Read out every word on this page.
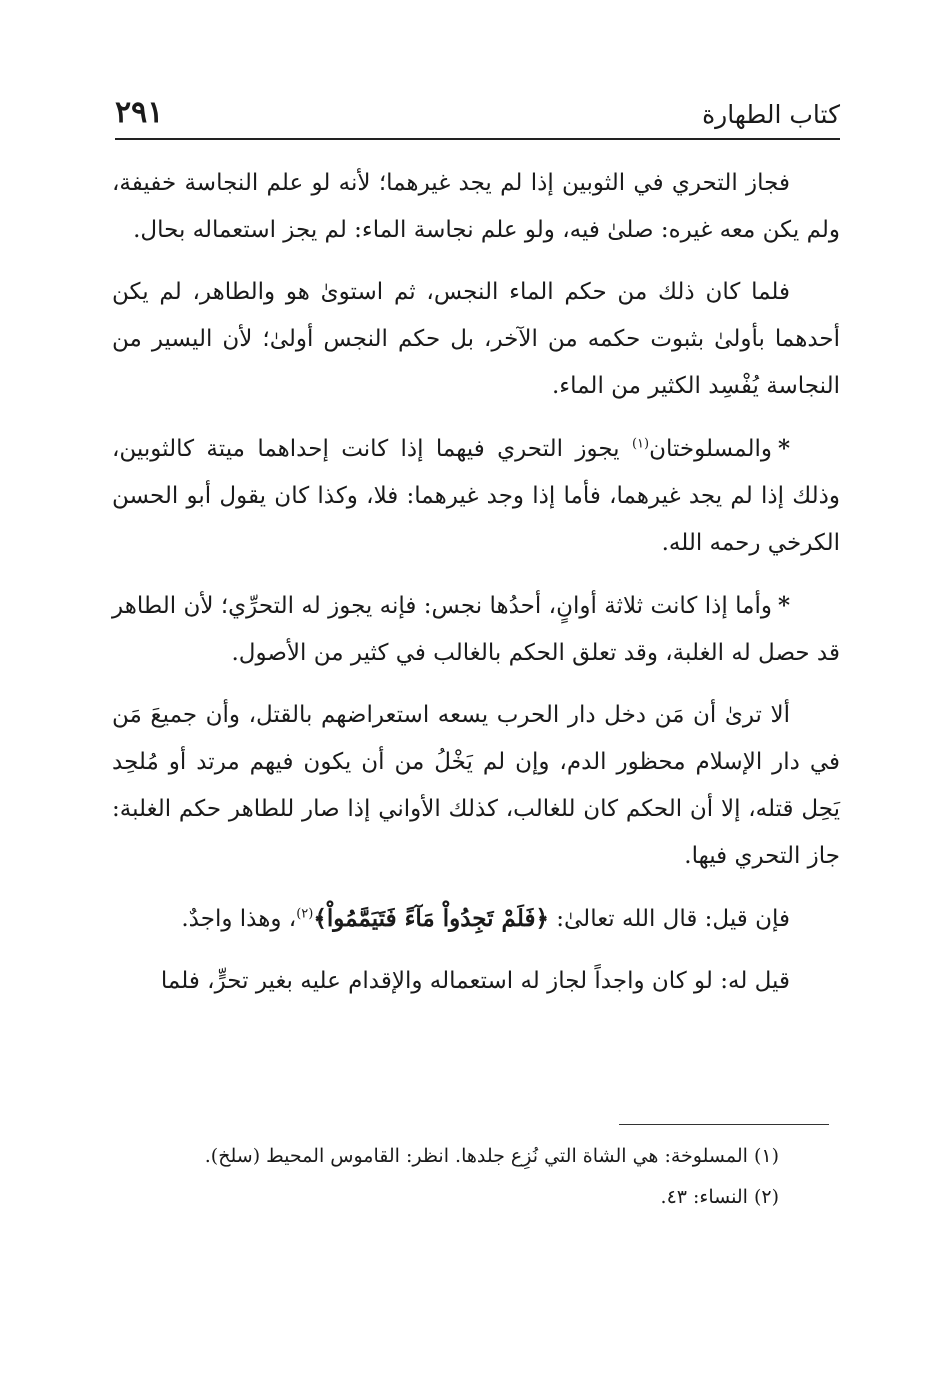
كتاب الطهارة
٢٩١

فجاز التحري في الثوبين إذا لم يجد غيرهما؛ لأنه لو علم النجاسة خفيفة، ولم يكن معه غيره: صلىٰ فيه، ولو علم نجاسة الماء: لم يجز استعماله بحال.

فلما كان ذلك من حكم الماء النجس، ثم استوىٰ هو والطاهر، لم يكن أحدهما بأولىٰ بثبوت حكمه من الآخر، بل حكم النجس أولىٰ؛ لأن اليسير من النجاسة يُفْسِد الكثير من الماء.

*والمسلوختان$^{(١)}$ يجوز التحري فيهما إذا كانت إحداهما ميتة كالثوبين، وذلك إذا لم يجد غيرهما، فأما إذا وجد غيرهما: فلا، وكذا كان يقول أبو الحسن الكرخي رحمه الله.

*وأما إذا كانت ثلاثة أوانٍ، أحدُها نجس: فإنه يجوز له التحرِّي؛ لأن الطاهر قد حصل له الغلبة، وقد تعلق الحكم بالغالب في كثير من الأصول.

ألا ترىٰ أن مَن دخل دار الحرب يسعه استعراضهم بالقتل، وأن جميعَ مَن في دار الإسلام محظور الدم، وإن لم يَخْلُ من أن يكون فيهم مرتد أو مُلحِد يَحِل قتله، إلا أن الحكم كان للغالب، كذلك الأواني إذا صار للطاهر حكم الغلبة: جاز التحري فيها.

فإن قيل: قال الله تعالىٰ: ﴿فَلَمْ تَجِدُواْ مَآءً فَتَيَمَّمُواْ﴾$^{(٢)}$، وهذا واجدٌ.

قيل له: لو كان واجداً لجاز له استعماله والإقدام عليه بغير تحرٍّ، فلما

(١) المسلوخة: هي الشاة التي نُزِع جلدها. انظر: القاموس المحيط (سلخ).

(٢) النساء: ٤٣.
